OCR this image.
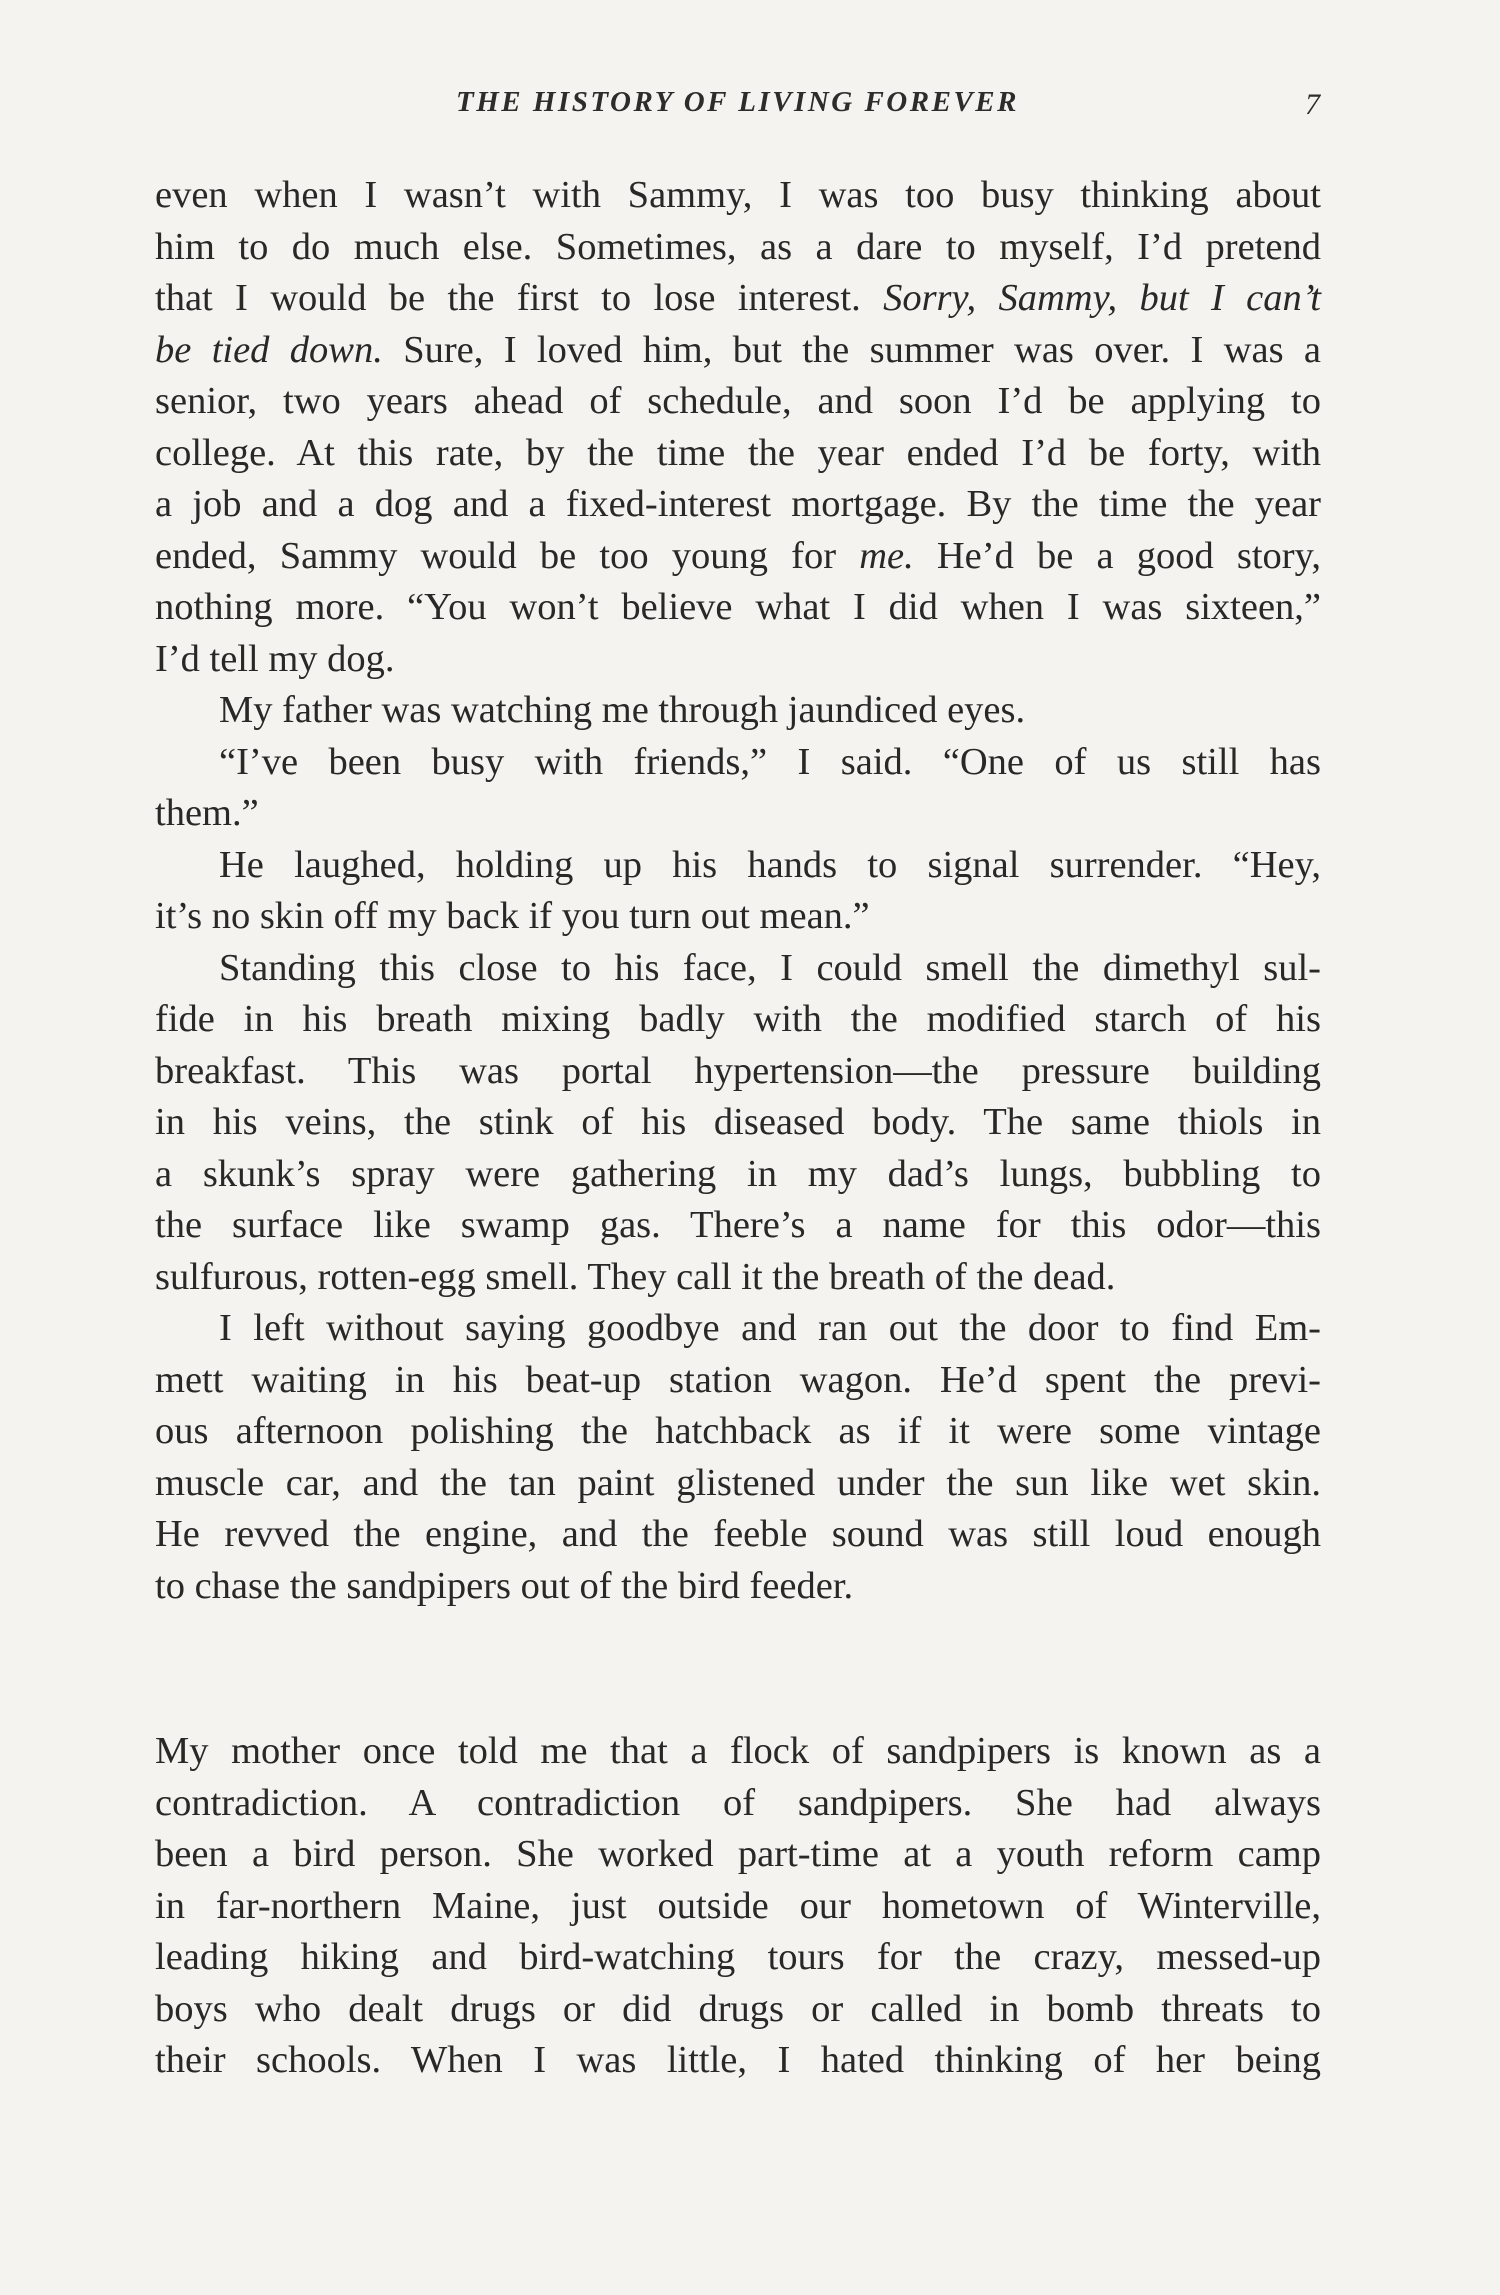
THE HISTORY OF LIVING FOREVER	7
even when I wasn’t with Sammy, I was too busy thinking about
him to do much else. Sometimes, as a dare to myself, I’d pretend
that I would be the first to lose interest. Sorry, Sammy, but I can’t
be tied down. Sure, I loved him, but the summer was over. I was a
senior, two years ahead of schedule, and soon I’d be applying to
college. At this rate, by the time the year ended I’d be forty, with
a job and a dog and a fixed-interest mortgage. By the time the year
ended, Sammy would be too young for me. He’d be a good story,
nothing more. “You won’t believe what I did when I was sixteen,”
I’d tell my dog.
My father was watching me through jaundiced eyes.
“I’ve been busy with friends,” I said. “One of us still has
them.”
He laughed, holding up his hands to signal surrender. “Hey,
it’s no skin off my back if you turn out mean.”
Standing this close to his face, I could smell the dimethyl sul-
fide in his breath mixing badly with the modified starch of his
breakfast. This was portal hypertension—the pressure building
in his veins, the stink of his diseased body. The same thiols in
a skunk’s spray were gathering in my dad’s lungs, bubbling to
the surface like swamp gas. There’s a name for this odor—this
sulfurous, rotten-egg smell. They call it the breath of the dead.
I left without saying goodbye and ran out the door to find Em-
mett waiting in his beat-up station wagon. He’d spent the previ-
ous afternoon polishing the hatchback as if it were some vintage
muscle car, and the tan paint glistened under the sun like wet skin.
He revved the engine, and the feeble sound was still loud enough
to chase the sandpipers out of the bird feeder.
My mother once told me that a flock of sandpipers is known as a
contradiction. A contradiction of sandpipers. She had always
been a bird person. She worked part-time at a youth reform camp
in far-northern Maine, just outside our hometown of Winterville,
leading hiking and bird-watching tours for the crazy, messed-up
boys who dealt drugs or did drugs or called in bomb threats to
their schools. When I was little, I hated thinking of her being
